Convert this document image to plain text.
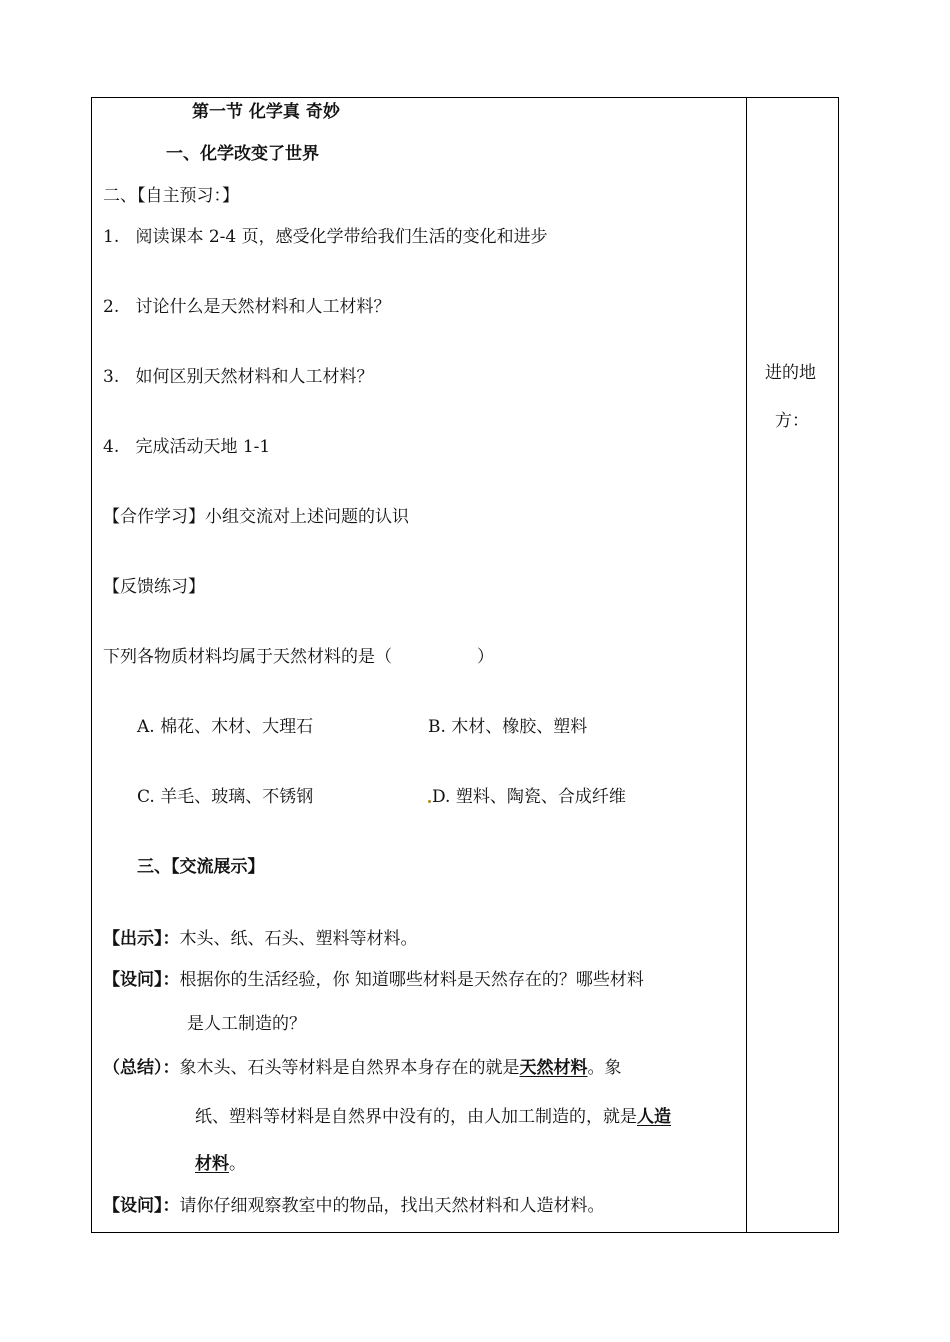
第一节 化学真 奇妙
一、化学改变了世界
二、【自主预习：】
1. 阅读课本 2-4 页，感受化学带给我们生活的变化和进步
2. 讨论什么是天然材料和人工材料？
3. 如何区别天然材料和人工材料？
4. 完成活动天地 1-1
【合作学习】小组交流对上述问题的认识
【反馈练习】
下列各物质材料均属于天然材料的是（　　　　　）
A. 棉花、木材、大理石	B. 木材、橡胶、塑料
C. 羊毛、玻璃、不锈钢	D. 塑料、陶瓷、合成纤维
三、【交流展示】
【出示】：木头、纸、石头、塑料等材料。
【设问】：根据你的生活经验，你 知道哪些材料是天然存在的？哪些材料
是人工制造的？
（总结）：象木头、石头等材料是自然界本身存在的就是天然材料。象
纸、塑料等材料是自然界中没有的，由人加工制造的，就是人造
材料。
【设问】：请你仔细观察教室中的物品，找出天然材料和人造材料。
进的地
方：
